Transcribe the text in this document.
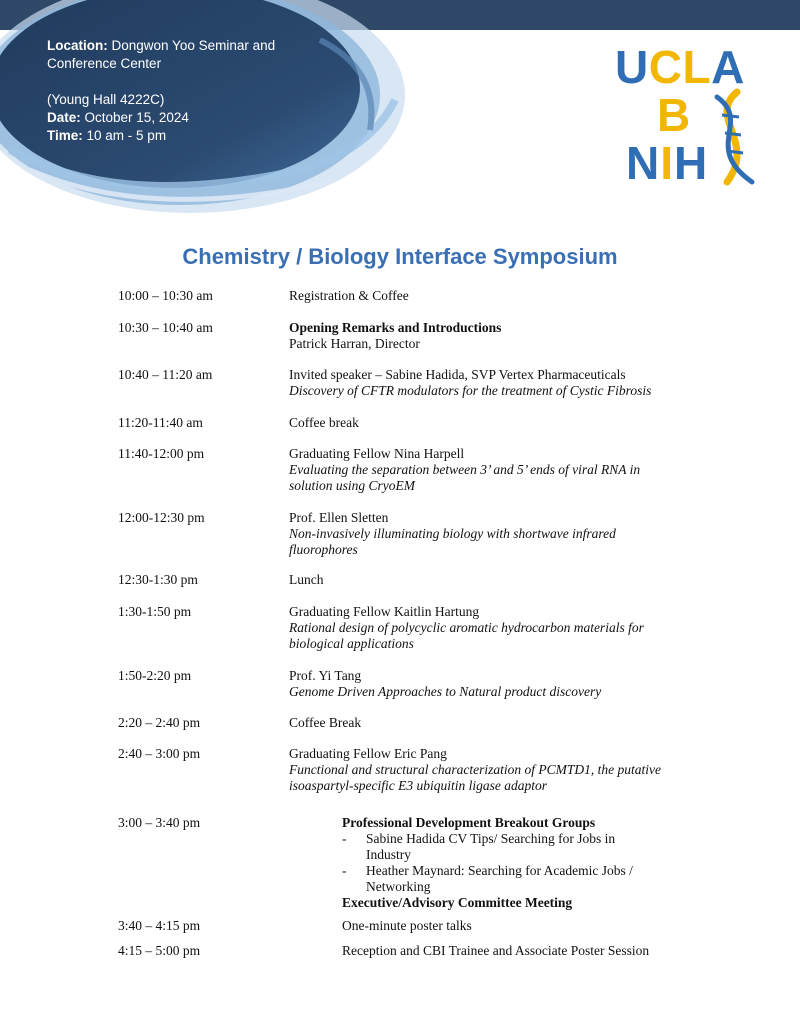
Location: Dongwon Yoo Seminar and Conference Center
(Young Hall 4222C)
Date: October 15, 2024
Time: 10 am - 5 pm
UCLA
B
NIH
Chemistry / Biology Interface Symposium
10:00 – 10:30 am	Registration & Coffee
10:30 – 10:40 am	Opening Remarks and Introductions
Patrick Harran, Director
10:40 – 11:20 am	Invited speaker – Sabine Hadida, SVP Vertex Pharmaceuticals
Discovery of CFTR modulators for the treatment of Cystic Fibrosis
11:20-11:40 am	Coffee break
11:40-12:00 pm	Graduating Fellow Nina Harpell
Evaluating the separation between 3’ and 5’ ends of viral RNA in solution using CryoEM
12:00-12:30 pm	Prof. Ellen Sletten
Non-invasively illuminating biology with shortwave infrared fluorophores
12:30-1:30 pm	Lunch
1:30-1:50 pm	Graduating Fellow Kaitlin Hartung
Rational design of polycyclic aromatic hydrocarbon materials for biological applications
1:50-2:20 pm	Prof. Yi Tang
Genome Driven Approaches to Natural product discovery
2:20 – 2:40 pm	Coffee Break
2:40 – 3:00 pm	Graduating Fellow Eric Pang
Functional and structural characterization of PCMTD1, the putative isoaspartyl-specific E3 ubiquitin ligase adaptor
3:00 – 3:40 pm	Professional Development Breakout Groups
- Sabine Hadida CV Tips/ Searching for Jobs in Industry
- Heather Maynard: Searching for Academic Jobs / Networking
Executive/Advisory Committee Meeting
3:40 – 4:15 pm	One-minute poster talks
4:15 – 5:00 pm	Reception and CBI Trainee and Associate Poster Session
